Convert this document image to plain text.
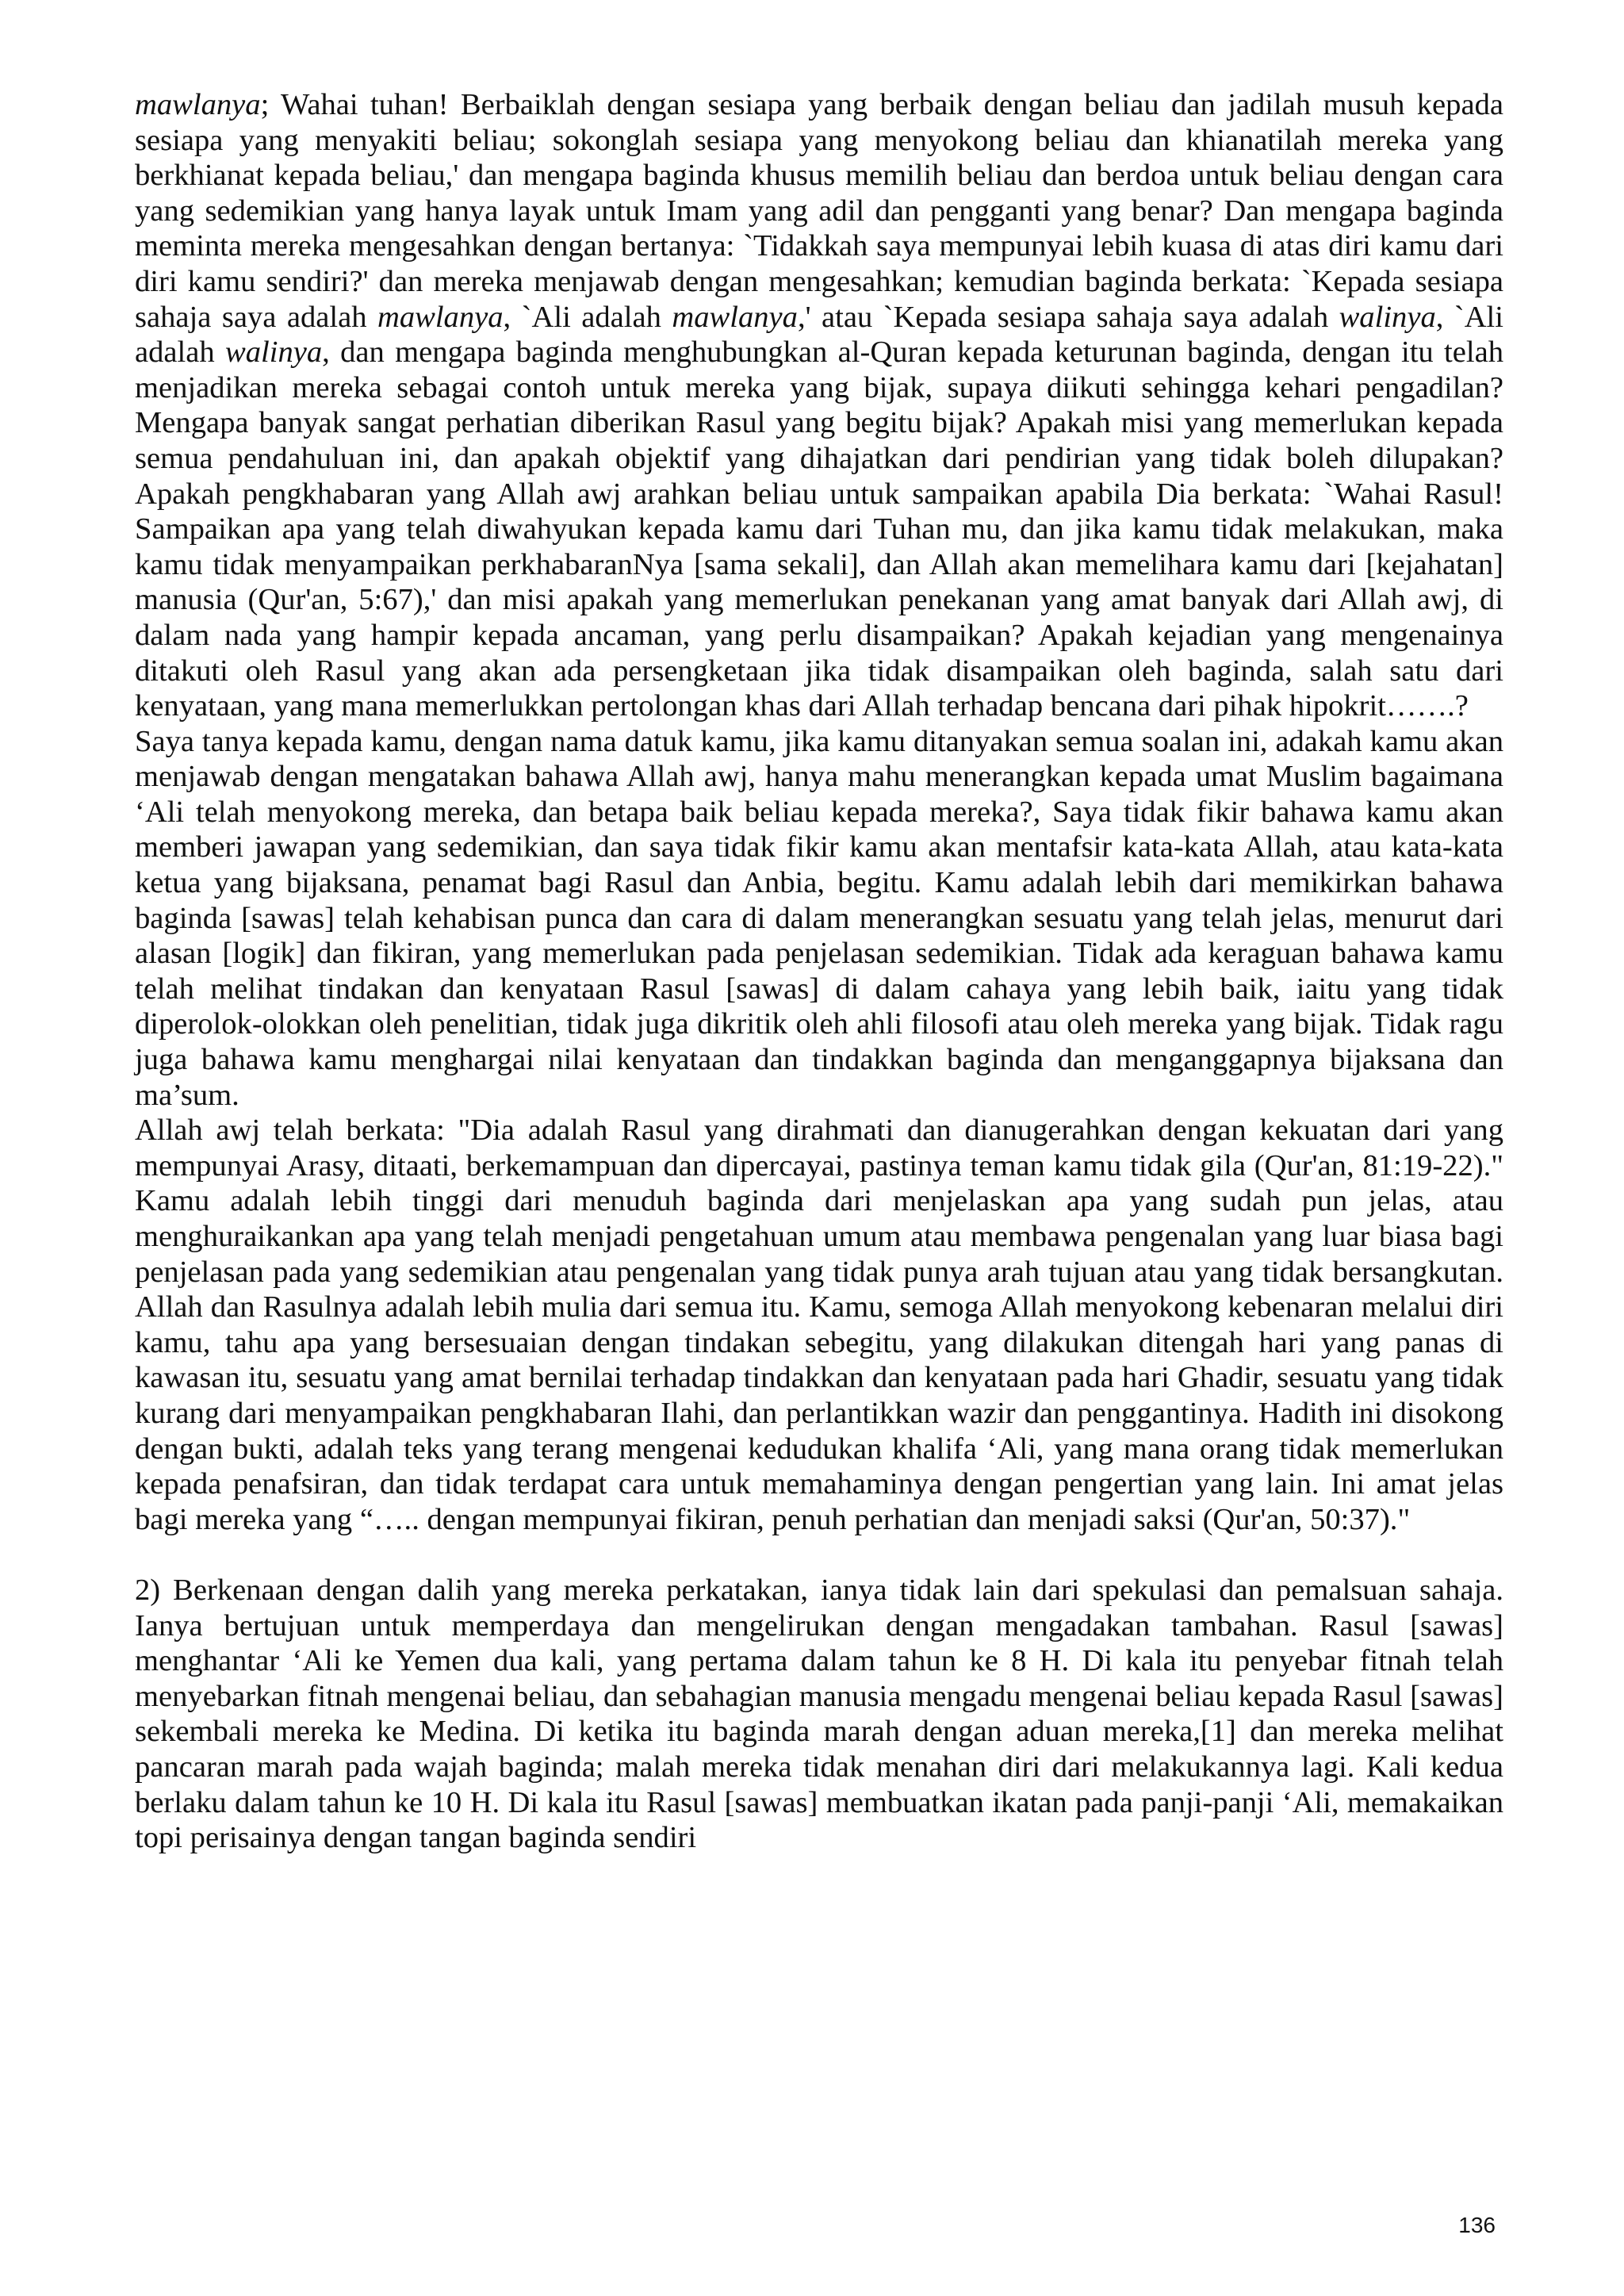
mawlanya; Wahai tuhan! Berbaiklah dengan sesiapa yang berbaik dengan beliau dan jadilah musuh kepada sesiapa yang menyakiti beliau; sokonglah sesiapa yang menyokong beliau dan khianatilah mereka yang berkhianat kepada beliau,' dan mengapa baginda khusus memilih beliau dan berdoa untuk beliau dengan cara yang sedemikian yang hanya layak untuk Imam yang adil dan pengganti yang benar? Dan mengapa baginda meminta mereka mengesahkan dengan bertanya: `Tidakkah saya mempunyai lebih kuasa di atas diri kamu dari diri kamu sendiri?' dan mereka menjawab dengan mengesahkan; kemudian baginda berkata: `Kepada sesiapa sahaja saya adalah mawlanya, `Ali adalah mawlanya,' atau `Kepada sesiapa sahaja saya adalah walinya, `Ali adalah walinya, dan mengapa baginda menghubungkan al-Quran kepada keturunan baginda, dengan itu telah menjadikan mereka sebagai contoh untuk mereka yang bijak, supaya diikuti sehingga kehari pengadilan? Mengapa banyak sangat perhatian diberikan Rasul yang begitu bijak? Apakah misi yang memerlukan kepada semua pendahuluan ini, dan apakah objektif yang dihajatkan dari pendirian yang tidak boleh dilupakan? Apakah pengkhabaran yang Allah awj arahkan beliau untuk sampaikan apabila Dia berkata: `Wahai Rasul! Sampaikan apa yang telah diwahyukan kepada kamu dari Tuhan mu, dan jika kamu tidak melakukan, maka kamu tidak menyampaikan perkhabaranNya [sama sekali], dan Allah akan memelihara kamu dari [kejahatan] manusia (Qur'an, 5:67),' dan misi apakah yang memerlukan penekanan yang amat banyak dari Allah awj, di dalam nada yang hampir kepada ancaman, yang perlu disampaikan? Apakah kejadian yang mengenainya ditakuti oleh Rasul yang akan ada persengketaan jika tidak disampaikan oleh baginda, salah satu dari kenyataan, yang mana memerlukkan pertolongan khas dari Allah terhadap bencana dari pihak hipokrit…….?

Saya tanya kepada kamu, dengan nama datuk kamu, jika kamu ditanyakan semua soalan ini, adakah kamu akan menjawab dengan mengatakan bahawa Allah awj, hanya mahu menerangkan kepada umat Muslim bagaimana ‘Ali telah menyokong mereka, dan betapa baik beliau kepada mereka?, Saya tidak fikir bahawa kamu akan memberi jawapan yang sedemikian, dan saya tidak fikir kamu akan mentafsir kata-kata Allah, atau kata-kata ketua yang bijaksana, penamat bagi Rasul dan Anbia, begitu. Kamu adalah lebih dari memikirkan bahawa baginda [sawas] telah kehabisan punca dan cara di dalam menerangkan sesuatu yang telah jelas, menurut dari alasan [logik] dan fikiran, yang memerlukan pada penjelasan sedemikian. Tidak ada keraguan bahawa kamu telah melihat tindakan dan kenyataan Rasul [sawas] di dalam cahaya yang lebih baik, iaitu yang tidak diperolok-olokkan oleh penelitian, tidak juga dikritik oleh ahli filosofi atau oleh mereka yang bijak. Tidak ragu juga bahawa kamu menghargai nilai kenyataan dan tindakkan baginda dan menganggapnya bijaksana dan ma’sum.

Allah awj telah berkata: "Dia adalah Rasul yang dirahmati dan dianugerahkan dengan kekuatan dari yang mempunyai Arasy, ditaati, berkemampuan dan dipercayai, pastinya teman kamu tidak gila (Qur'an, 81:19-22)." Kamu adalah lebih tinggi dari menuduh baginda dari menjelaskan apa yang sudah pun jelas, atau menghuraikankan apa yang telah menjadi pengetahuan umum atau membawa pengenalan yang luar biasa bagi penjelasan pada yang sedemikian atau pengenalan yang tidak punya arah tujuan atau yang tidak bersangkutan. Allah dan Rasulnya adalah lebih mulia dari semua itu. Kamu, semoga Allah menyokong kebenaran melalui diri kamu, tahu apa yang bersesuaian dengan tindakan sebegitu, yang dilakukan ditengah hari yang panas di kawasan itu, sesuatu yang amat bernilai terhadap tindakkan dan kenyataan pada hari Ghadir, sesuatu yang tidak kurang dari menyampaikan pengkhabaran Ilahi, dan perlantikkan wazir dan penggantinya. Hadith ini disokong dengan bukti, adalah teks yang terang mengenai kedudukan khalifa ‘Ali, yang mana orang tidak memerlukan kepada penafsiran, dan tidak terdapat cara untuk memahaminya dengan pengertian yang lain. Ini amat jelas bagi mereka yang “….. dengan mempunyai fikiran, penuh perhatian dan menjadi saksi (Qur'an, 50:37)."

2) Berkenaan dengan dalih yang mereka perkatakan, ianya tidak lain dari spekulasi dan pemalsuan sahaja. Ianya bertujuan untuk memperdaya dan mengelirukan dengan mengadakan tambahan. Rasul [sawas] menghantar ‘Ali ke Yemen dua kali, yang pertama dalam tahun ke 8 H. Di kala itu penyebar fitnah telah menyebarkan fitnah mengenai beliau, dan sebahagian manusia mengadu mengenai beliau kepada Rasul [sawas] sekembali mereka ke Medina. Di ketika itu baginda marah dengan aduan mereka,[1] dan mereka melihat pancaran marah pada wajah baginda; malah mereka tidak menahan diri dari melakukannya lagi. Kali kedua berlaku dalam tahun ke 10 H. Di kala itu Rasul [sawas] membuatkan ikatan pada panji-panji ‘Ali, memakaikan topi perisainya dengan tangan baginda sendiri

136
